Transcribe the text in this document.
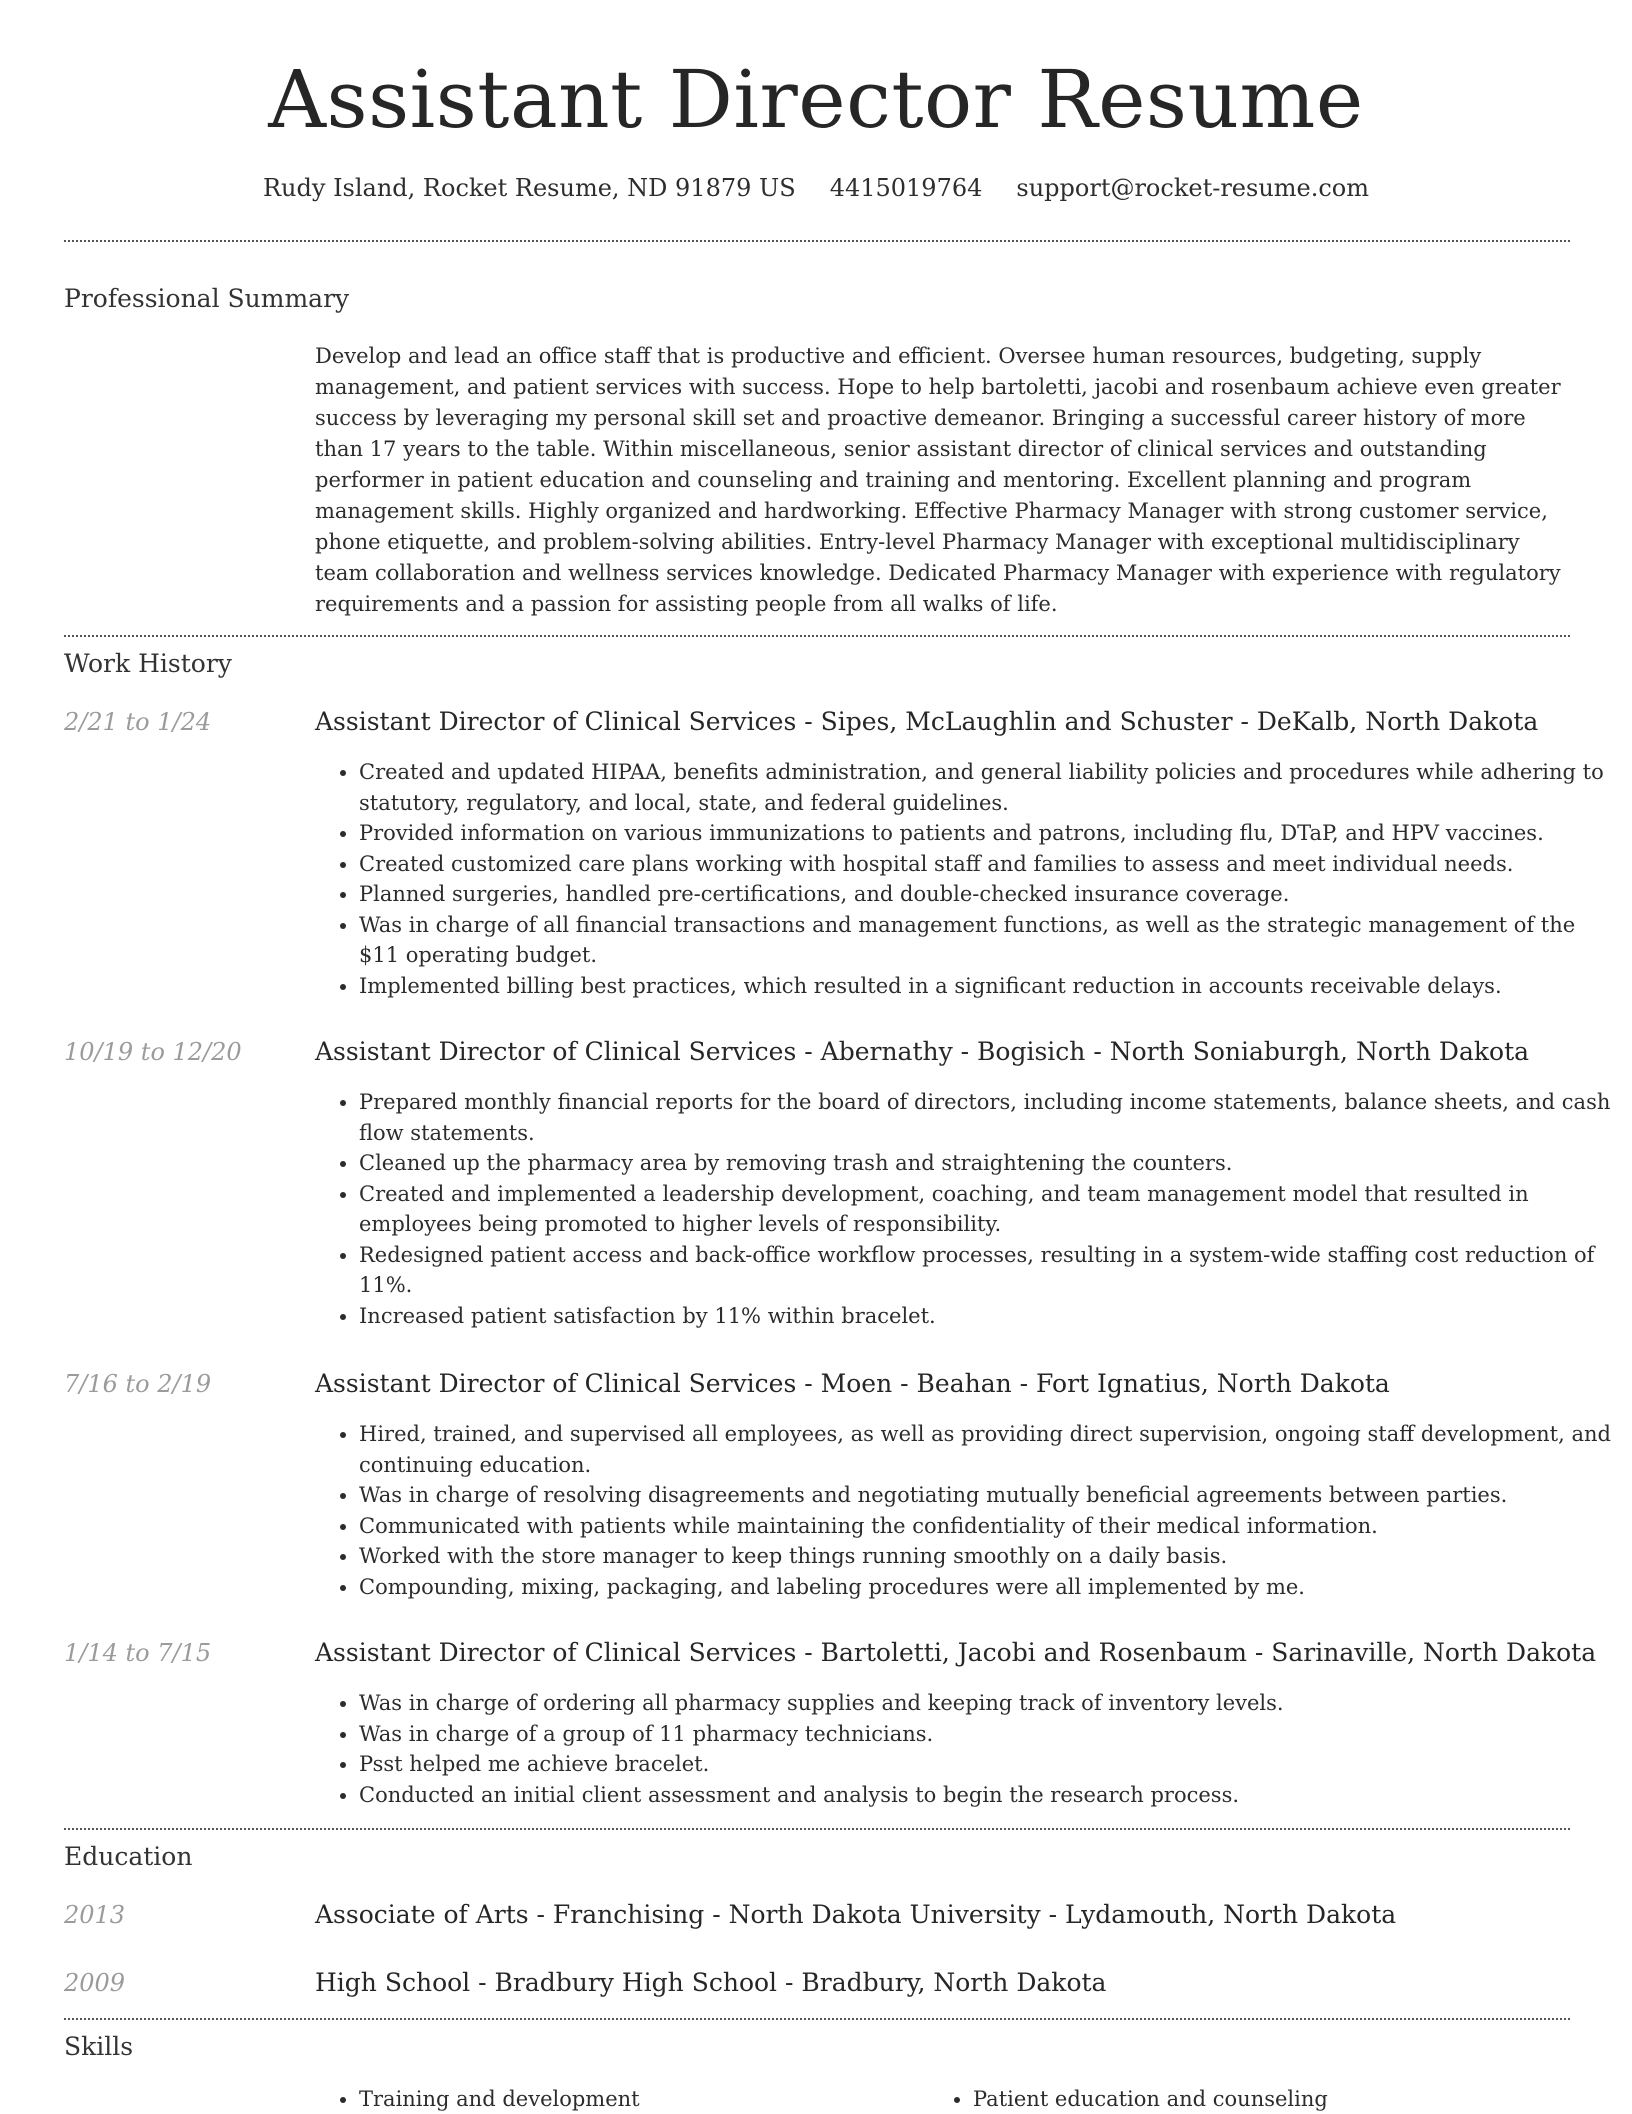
Assistant Director Resume
Rudy Island, Rocket Resume, ND 91879 US 4415019764 support@rocket-resume.com
Professional Summary

Develop and lead an office staff that is productive and efficient. Oversee human resources, budgeting, supply management, and patient services with success. Hope to help bartoletti, jacobi and rosenbaum achieve even greater success by leveraging my personal skill set and proactive demeanor. Bringing a successful career history of more than 17 years to the table. Within miscellaneous, senior assistant director of clinical services and outstanding performer in patient education and counseling and training and mentoring. Excellent planning and program management skills. Highly organized and hardworking. Effective Pharmacy Manager with strong customer service, phone etiquette, and problem-solving abilities. Entry-level Pharmacy Manager with exceptional multidisciplinary team collaboration and wellness services knowledge. Dedicated Pharmacy Manager with experience with regulatory requirements and a passion for assisting people from all walks of life.

Work History
2/21 to 1/24	Assistant Director of Clinical Services - Sipes, McLaughlin and Schuster - DeKalb, North Dakota
• Created and updated HIPAA, benefits administration, and general liability policies and procedures while adhering to statutory, regulatory, and local, state, and federal guidelines.
• Provided information on various immunizations to patients and patrons, including flu, DTaP, and HPV vaccines.
• Created customized care plans working with hospital staff and families to assess and meet individual needs.
• Planned surgeries, handled pre-certifications, and double-checked insurance coverage.
• Was in charge of all financial transactions and management functions, as well as the strategic management of the $11 operating budget.
• Implemented billing best practices, which resulted in a significant reduction in accounts receivable delays.
10/19 to 12/20	Assistant Director of Clinical Services - Abernathy - Bogisich - North Soniaburgh, North Dakota
• Prepared monthly financial reports for the board of directors, including income statements, balance sheets, and cash flow statements.
• Cleaned up the pharmacy area by removing trash and straightening the counters.
• Created and implemented a leadership development, coaching, and team management model that resulted in employees being promoted to higher levels of responsibility.
• Redesigned patient access and back-office workflow processes, resulting in a system-wide staffing cost reduction of 11%.
• Increased patient satisfaction by 11% within bracelet.
7/16 to 2/19	Assistant Director of Clinical Services - Moen - Beahan - Fort Ignatius, North Dakota
• Hired, trained, and supervised all employees, as well as providing direct supervision, ongoing staff development, and continuing education.
• Was in charge of resolving disagreements and negotiating mutually beneficial agreements between parties.
• Communicated with patients while maintaining the confidentiality of their medical information.
• Worked with the store manager to keep things running smoothly on a daily basis.
• Compounding, mixing, packaging, and labeling procedures were all implemented by me.
1/14 to 7/15	Assistant Director of Clinical Services - Bartoletti, Jacobi and Rosenbaum - Sarinaville, North Dakota
• Was in charge of ordering all pharmacy supplies and keeping track of inventory levels.
• Was in charge of a group of 11 pharmacy technicians.
• Psst helped me achieve bracelet.
• Conducted an initial client assessment and analysis to begin the research process.
Education
2013	Associate of Arts - Franchising - North Dakota University - Lydamouth, North Dakota
2009	High School - Bradbury High School - Bradbury, North Dakota
Skills
• Training and development
•	Patient education and counseling
